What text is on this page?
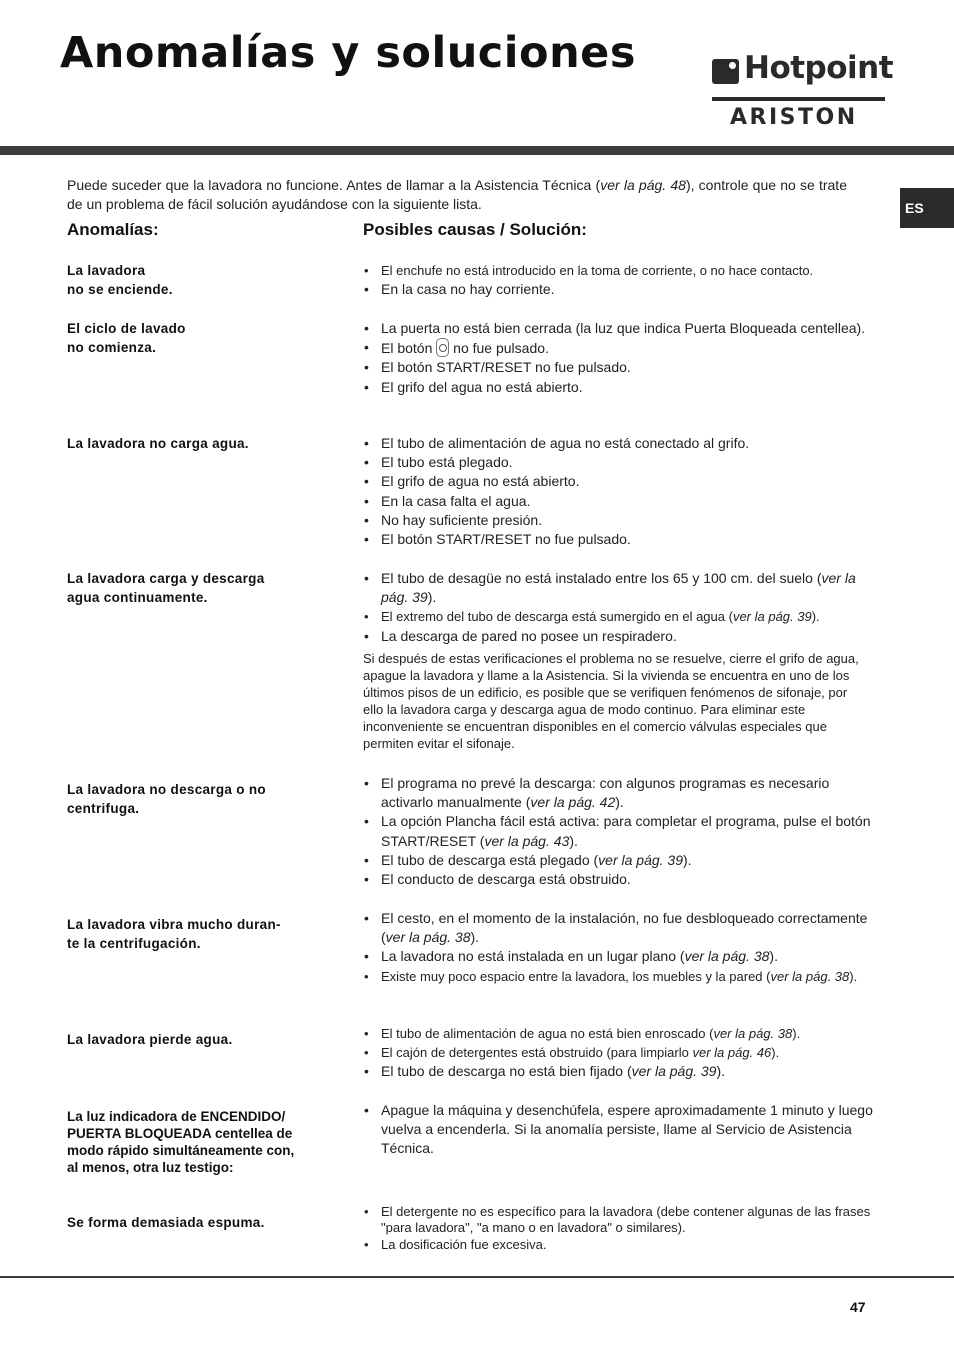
Anomalías y soluciones	Hotpoint
ARISTON
ES

Puede suceder que la lavadora no funcione. Antes de llamar a la Asistencia Técnica (ver la pág. 48), controle que no se trate de un problema de fácil solución ayudándose con la siguiente lista.

Anomalías:	Posibles causas / Solución:

La lavadora
no se enciende.

• El enchufe no está introducido en la toma de corriente, o no hace contacto.
• En la casa no hay corriente.

El ciclo de lavado
no comienza.

• La puerta no está bien cerrada (la luz que indica Puerta Bloqueada centellea).
• El botón  no fue pulsado.
• El botón START/RESET no fue pulsado.
• El grifo del agua no está abierto.

La lavadora no carga agua.	• El tubo de alimentación de agua no está conectado al grifo.
• El tubo está plegado.
• El grifo de agua no está abierto.
• En la casa falta el agua.
• No hay suficiente presión.
• El botón START/RESET no fue pulsado.

La lavadora carga y descarga
agua continuamente.

• El tubo de desagüe no está instalado entre los 65 y 100 cm. del suelo (ver la pág. 39).
• El extremo del tubo de descarga está sumergido en el agua (ver la pág. 39).
• La descarga de pared no posee un respiradero.

Si después de estas verificaciones el problema no se resuelve, cierre el grifo de agua, apague la lavadora y llame a la Asistencia. Si la vivienda se encuentra en uno de los últimos pisos de un edificio, es posible que se verifiquen fenómenos de sifonaje, por ello la lavadora carga y descarga agua de modo continuo. Para eliminar este inconveniente se encuentran disponibles en el comercio válvulas especiales que permiten evitar el sifonaje.

La lavadora no descarga o no
centrifuga.

• El programa no prevé la descarga: con algunos programas es necesario activarlo manualmente (ver la pág. 42).
• La opción Plancha fácil está activa: para completar el programa, pulse el botón START/RESET (ver la pág. 43).
• El tubo de descarga está plegado (ver la pág. 39).
• El conducto de descarga está obstruido.

La lavadora vibra mucho duran-
te la centrifugación.

• El cesto, en el momento de la instalación, no fue desbloqueado correctamente (ver la pág. 38).
• La lavadora no está instalada en un lugar plano (ver la pág. 38).
• Existe muy poco espacio entre la lavadora, los muebles y la pared (ver la pág. 38).

La lavadora pierde agua.	• El tubo de alimentación de agua no está bien enroscado (ver la pág. 38).
• El cajón de detergentes está obstruido (para limpiarlo ver la pág. 46).
• El tubo de descarga no está bien fijado (ver la pág. 39).

La luz indicadora de ENCENDIDO/
PUERTA BLOQUEADA centellea de
modo rápido simultáneamente con,
al menos, otra luz testigo:

• Apague la máquina y desenchúfela, espere aproximadamente 1 minuto y luego vuelva a encenderla. Si la anomalía persiste, llame al Servicio de Asistencia Técnica.

Se forma demasiada espuma.

• El detergente no es específico para la lavadora (debe contener algunas de las frases "para lavadora", "a mano o en lavadora" o similares).
• La dosificación fue excesiva.
47
